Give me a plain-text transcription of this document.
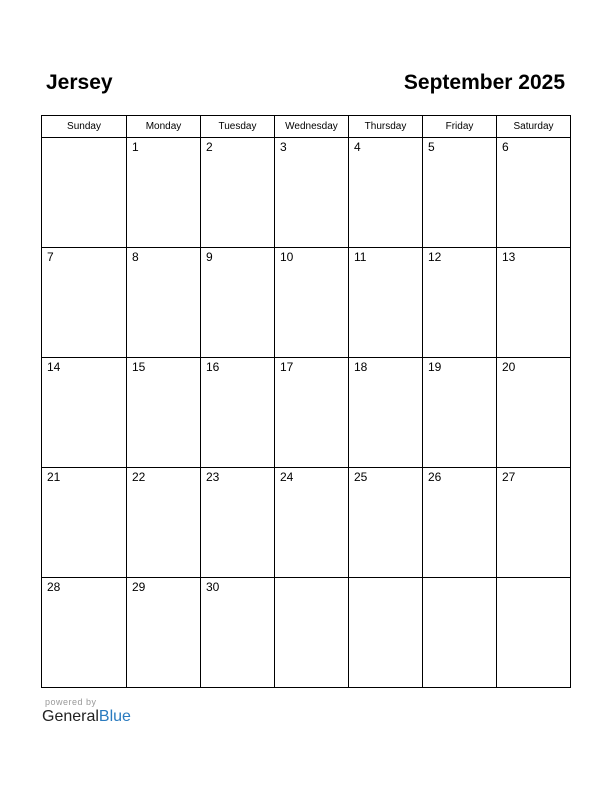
Jersey	September 2025
Sunday	Monday	Tuesday	Wednesday	Thursday	Friday	Saturday

	1	2	3	4	5	6

7	8	9	10	11	12	13

14	15	16	17	18	19	20

21	22	23	24	25	26	27

28	29	30				

powered by
GeneralBlue
